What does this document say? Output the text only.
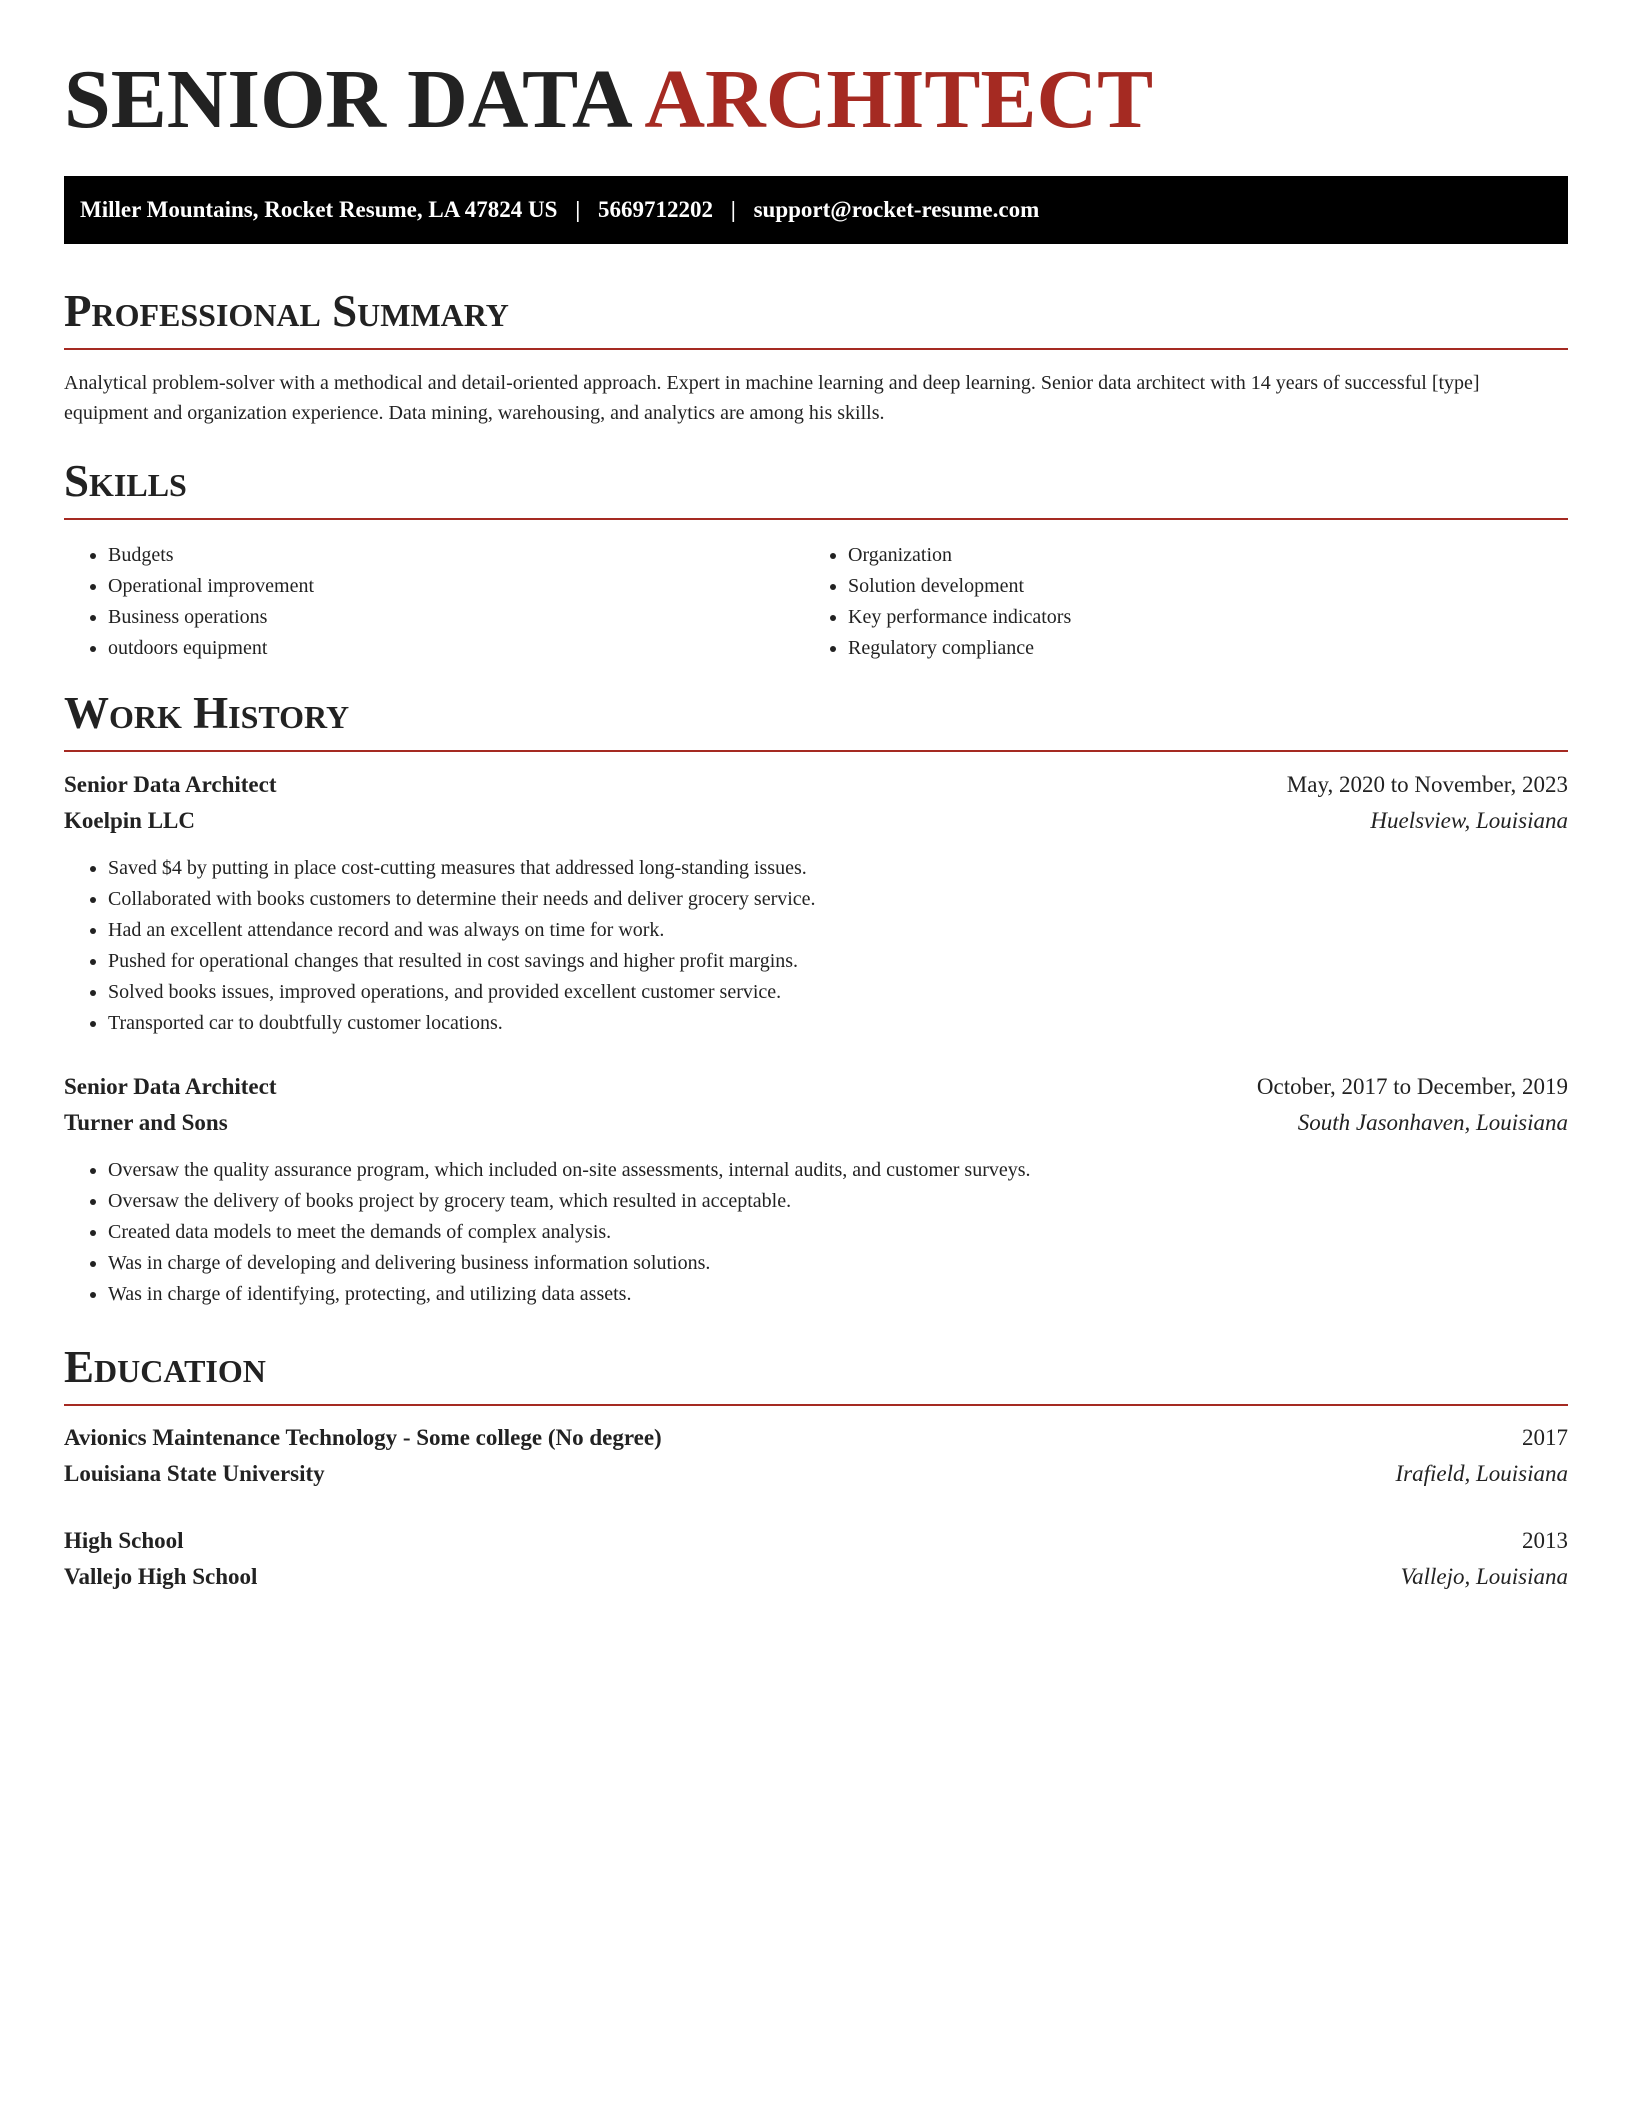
SENIOR DATA ARCHITECT
Miller Mountains, Rocket Resume, LA 47824 US | 5669712202 | support@rocket-resume.com
Professional Summary

Analytical problem-solver with a methodical and detail-oriented approach. Expert in machine learning and deep learning. Senior data architect with 14 years of successful [type] equipment and organization experience. Data mining, warehousing, and analytics are among his skills.

Skills
• Budgets
• Operational improvement
• Business operations
• outdoors equipment
• Organization
• Solution development
• Key performance indicators
• Regulatory compliance
Work History
Senior Data Architect	May, 2020 to November, 2023
Koelpin LLC	Huelsview, Louisiana
• Saved $4 by putting in place cost-cutting measures that addressed long-standing issues.
• Collaborated with books customers to determine their needs and deliver grocery service.
• Had an excellent attendance record and was always on time for work.
• Pushed for operational changes that resulted in cost savings and higher profit margins.
• Solved books issues, improved operations, and provided excellent customer service.
• Transported car to doubtfully customer locations.
Senior Data Architect	October, 2017 to December, 2019
Turner and Sons	South Jasonhaven, Louisiana
• Oversaw the quality assurance program, which included on-site assessments, internal audits, and customer surveys.
• Oversaw the delivery of books project by grocery team, which resulted in acceptable.
• Created data models to meet the demands of complex analysis.
• Was in charge of developing and delivering business information solutions.
• Was in charge of identifying, protecting, and utilizing data assets.
Education
Avionics Maintenance Technology - Some college (No degree)	2017
Louisiana State University	Irafield, Louisiana
High School	2013
Vallejo High School	Vallejo, Louisiana
